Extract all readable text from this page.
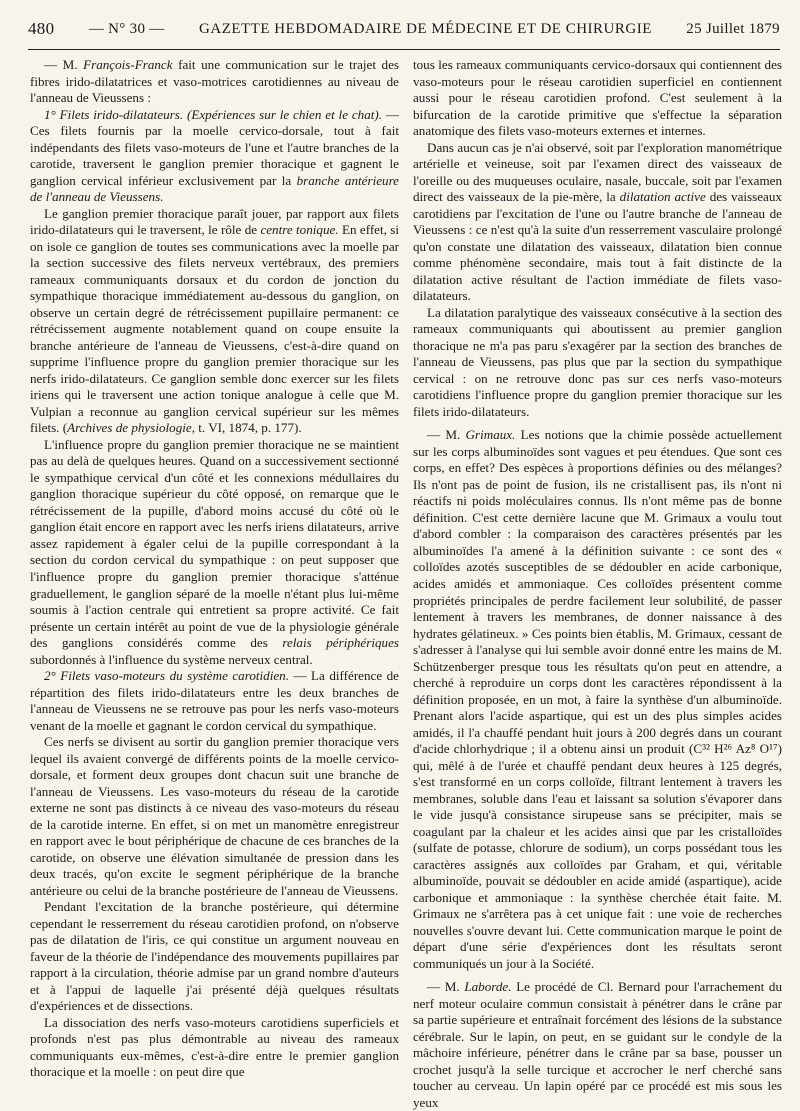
480 — N° 30 — GAZETTE HEBDOMADAIRE DE MÉDECINE ET DE CHIRURGIE 25 Juillet 1879

— M. François-Franck fait une communication sur le trajet des fibres irido-dilatatrices et vaso-motrices carotidiennes au niveau de l'anneau de Vieussens :

1° Filets irido-dilatateurs. (Expériences sur le chien et le chat). — Ces filets fournis par la moelle cervico-dorsale, tout à fait indépendants des filets vaso-moteurs de l'une et l'autre branches de la carotide, traversent le ganglion premier thoracique et gagnent le ganglion cervical inférieur exclusivement par la branche antérieure de l'anneau de Vieussens.

Le ganglion premier thoracique paraît jouer, par rapport aux filets irido-dilatateurs qui le traversent, le rôle de centre tonique. En effet, si on isole ce ganglion de toutes ses communications avec la moelle par la section successive des filets nerveux vertébraux, des premiers rameaux communiquants dorsaux et du cordon de jonction du sympathique thoracique immédiatement au-dessous du ganglion, on observe un certain degré de rétrécissement pupillaire permanent: ce rétrécissement augmente notablement quand on coupe ensuite la branche antérieure de l'anneau de Vieussens, c'est-à-dire quand on supprime l'influence propre du ganglion premier thoracique sur les nerfs irido-dilatateurs. Ce ganglion semble donc exercer sur les filets iriens qui le traversent une action tonique analogue à celle que M. Vulpian a reconnue au ganglion cervical supérieur sur les mêmes filets. (Archives de physiologie, t. VI, 1874, p. 177).

L'influence propre du ganglion premier thoracique ne se maintient pas au delà de quelques heures. Quand on a successivement sectionné le sympathique cervical d'un côté et les connexions médullaires du ganglion thoracique supérieur du côté opposé, on remarque que le rétrécissement de la pupille, d'abord moins accusé du côté où le ganglion était encore en rapport avec les nerfs iriens dilatateurs, arrive assez rapidement à égaler celui de la pupille correspondant à la section du cordon cervical du sympathique : on peut supposer que l'influence propre du ganglion premier thoracique s'atténue graduellement, le ganglion séparé de la moelle n'étant plus lui-même soumis à l'action centrale qui entretient sa propre activité. Ce fait présente un certain intérêt au point de vue de la physiologie générale des ganglions considérés comme des relais périphériques subordonnés à l'influence du système nerveux central.

2° Filets vaso-moteurs du système carotidien. — La différence de répartition des filets irido-dilatateurs entre les deux branches de l'anneau de Vieussens ne se retrouve pas pour les nerfs vaso-moteurs venant de la moelle et gagnant le cordon cervical du sympathique.

Ces nerfs se divisent au sortir du ganglion premier thoracique vers lequel ils avaient convergé de différents points de la moelle cervico-dorsale, et forment deux groupes dont chacun suit une branche de l'anneau de Vieussens. Les vaso-moteurs du réseau de la carotide externe ne sont pas distincts à ce niveau des vaso-moteurs du réseau de la carotide interne. En effet, si on met un manomètre enregistreur en rapport avec le bout périphérique de chacune de ces branches de la carotide, on observe une élévation simultanée de pression dans les deux tracés, qu'on excite le segment périphérique de la branche antérieure ou celui de la branche postérieure de l'anneau de Vieussens.

Pendant l'excitation de la branche postérieure, qui détermine cependant le resserrement du réseau carotidien profond, on n'observe pas de dilatation de l'iris, ce qui constitue un argument nouveau en faveur de la théorie de l'indépendance des mouvements pupillaires par rapport à la circulation, théorie admise par un grand nombre d'auteurs et à l'appui de laquelle j'ai présenté déjà quelques résultats d'expériences et de dissections.

La dissociation des nerfs vaso-moteurs carotidiens superficiels et profonds n'est pas plus démontrable au niveau des rameaux communiquants eux-mêmes, c'est-à-dire entre le premier ganglion thoracique et la moelle : on peut dire que

tous les rameaux communiquants cervico-dorsaux qui contiennent des vaso-moteurs pour le réseau carotidien superficiel en contiennent aussi pour le réseau carotidien profond. C'est seulement à la bifurcation de la carotide primitive que s'effectue la séparation anatomique des filets vaso-moteurs externes et internes.

Dans aucun cas je n'ai observé, soit par l'exploration manométrique artérielle et veineuse, soit par l'examen direct des vaisseaux de l'oreille ou des muqueuses oculaire, nasale, buccale, soit par l'examen direct des vaisseaux de la pie-mère, la dilatation active des vaisseaux carotidiens par l'excitation de l'une ou l'autre branche de l'anneau de Vieussens : ce n'est qu'à la suite d'un resserrement vasculaire prolongé qu'on constate une dilatation des vaisseaux, dilatation bien connue comme phénomène secondaire, mais tout à fait distincte de la dilatation active résultant de l'action immédiate de filets vaso-dilatateurs.

La dilatation paralytique des vaisseaux consécutive à la section des rameaux communiquants qui aboutissent au premier ganglion thoracique ne m'a pas paru s'exagérer par la section des branches de l'anneau de Vieussens, pas plus que par la section du sympathique cervical : on ne retrouve donc pas sur ces nerfs vaso-moteurs carotidiens l'influence propre du ganglion premier thoracique sur les filets irido-dilatateurs.

— M. Grimaux. Les notions que la chimie possède actuellement sur les corps albuminoïdes sont vagues et peu étendues. Que sont ces corps, en effet? Des espèces à proportions définies ou des mélanges? Ils n'ont pas de point de fusion, ils ne cristallisent pas, ils n'ont ni réactifs ni poids moléculaires connus. Ils n'ont même pas de bonne définition. C'est cette dernière lacune que M. Grimaux a voulu tout d'abord combler : la comparaison des caractères présentés par les albuminoïdes l'a amené à la définition suivante : ce sont des « colloïdes azotés susceptibles de se dédoubler en acide carbonique, acides amidés et ammoniaque. Ces colloïdes présentent comme propriétés principales de perdre facilement leur solubilité, de passer lentement à travers les membranes, de donner naissance à des hydrates gélatineux. » Ces points bien établis, M. Grimaux, cessant de s'adresser à l'analyse qui lui semble avoir donné entre les mains de M. Schützenberger presque tous les résultats qu'on peut en attendre, a cherché à reproduire un corps dont les caractères répondissent à la définition proposée, en un mot, à faire la synthèse d'un albuminoïde. Prenant alors l'acide aspartique, qui est un des plus simples acides amidés, il l'a chauffé pendant huit jours à 200 degrés dans un courant d'acide chlorhydrique ; il a obtenu ainsi un produit (C³² H²⁶ Az⁸ O¹⁷) qui, mêlé à de l'urée et chauffé pendant deux heures à 125 degrés, s'est transformé en un corps colloïde, filtrant lentement à travers les membranes, soluble dans l'eau et laissant sa solution s'évaporer dans le vide jusqu'à consistance sirupeuse sans se précipiter, mais se coagulant par la chaleur et les acides ainsi que par les cristalloïdes (sulfate de potasse, chlorure de sodium), un corps possédant tous les caractères assignés aux colloïdes par Graham, et qui, véritable albuminoïde, pouvait se dédoubler en acide amidé (aspartique), acide carbonique et ammoniaque : la synthèse cherchée était faite. M. Grimaux ne s'arrêtera pas à cet unique fait : une voie de recherches nouvelles s'ouvre devant lui. Cette communication marque le point de départ d'une série d'expériences dont les résultats seront communiqués un jour à la Société.

— M. Laborde. Le procédé de Cl. Bernard pour l'arrachement du nerf moteur oculaire commun consistait à pénétrer dans le crâne par sa partie supérieure et entraînait forcément des lésions de la substance cérébrale. Sur le lapin, on peut, en se guidant sur le condyle de la mâchoire inférieure, pénétrer dans le crâne par sa base, pousser un crochet jusqu'à la selle turcique et accrocher le nerf cherché sans toucher au cerveau. Un lapin opéré par ce procédé est mis sous les yeux
